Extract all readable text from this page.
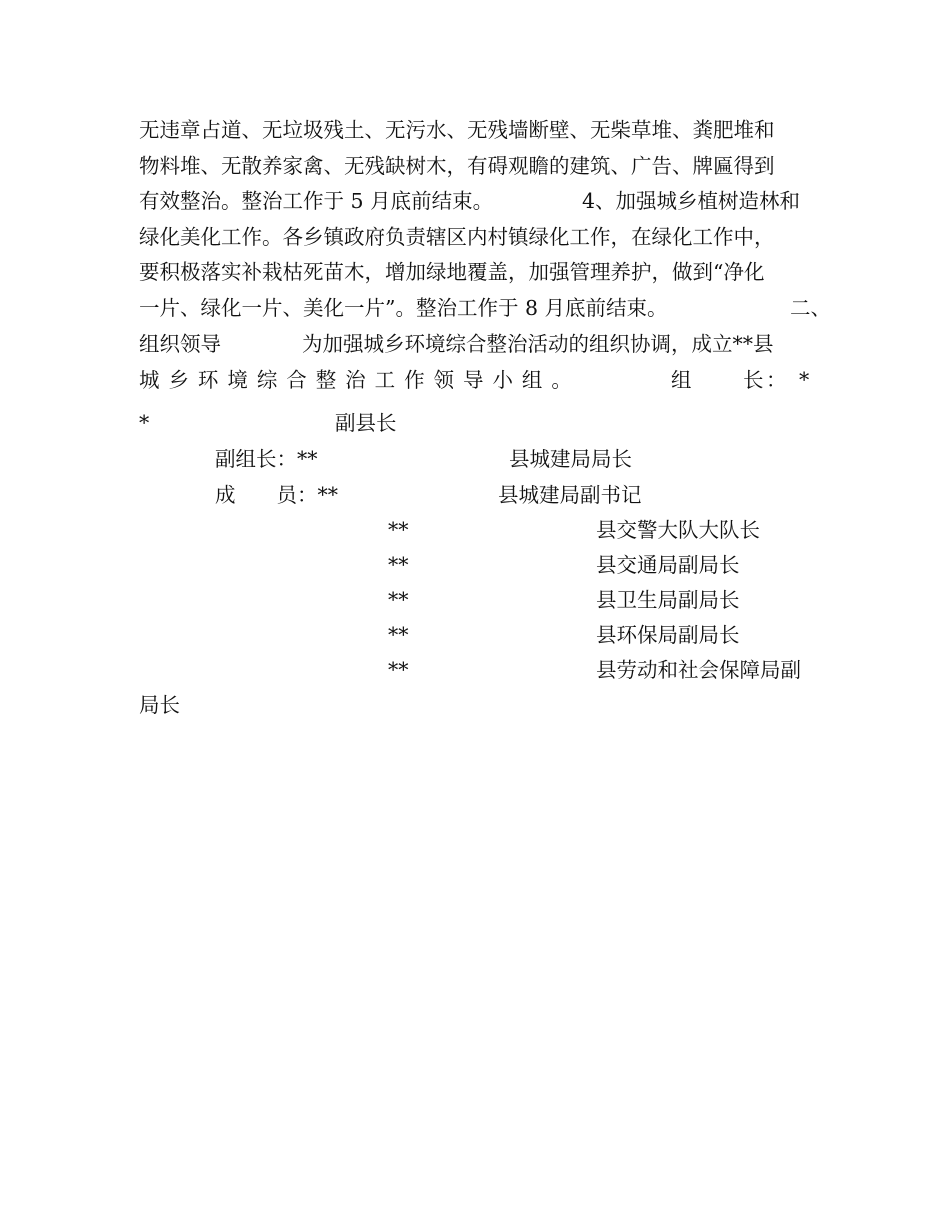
无违章占道、无垃圾残土、无污水、无残墙断壁、无柴草堆、粪肥堆和
物料堆、无散养家禽、无残缺树木，有碍观瞻的建筑、广告、牌匾得到
有效整治。整治工作于 5 月底前结束。	4、加强城乡植树造林和
绿化美化工作。各乡镇政府负责辖区内村镇绿化工作，在绿化工作中，
要积极落实补栽枯死苗木，增加绿地覆盖，加强管理养护，做到“净化
一片、绿化一片、美化一片”。整治工作于 8 月底前结束。	二、
组织领导	为加强城乡环境综合整治活动的组织协调，成立**县
城 乡 环 境 综 合 整 治 工 作 领 导 小 组 。	组	长 ： *
*	副县长
副组长：**	县城建局局长
成　　员：**	县城建局副书记
**	县交警大队大队长
**	县交通局副局长
**	县卫生局副局长
**	县环保局副局长
**	县劳动和社会保障局副
局长
